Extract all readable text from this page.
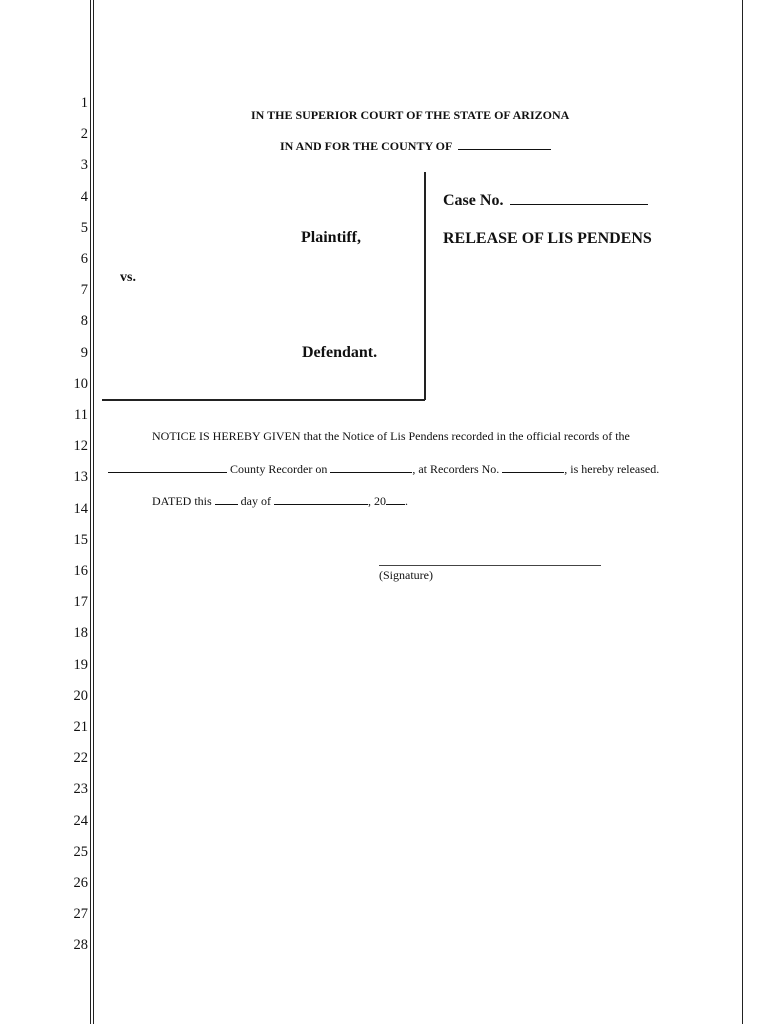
1
2
3
4
5
6
7
8
9
10
11
12
13
14
15
16
17
18
19
20
21
22
23
24
25
26
27
28
IN THE SUPERIOR COURT OF THE STATE OF ARIZONA
IN AND FOR THE COUNTY OF
Plaintiff,
vs.
Defendant.
Case No.
RELEASE OF LIS PENDENS
NOTICE IS HEREBY GIVEN that the Notice of Lis Pendens recorded in the official records of the
County Recorder on	, at Recorders No.	, is hereby released.
DATED this day of	, 20 .
(Signature)
